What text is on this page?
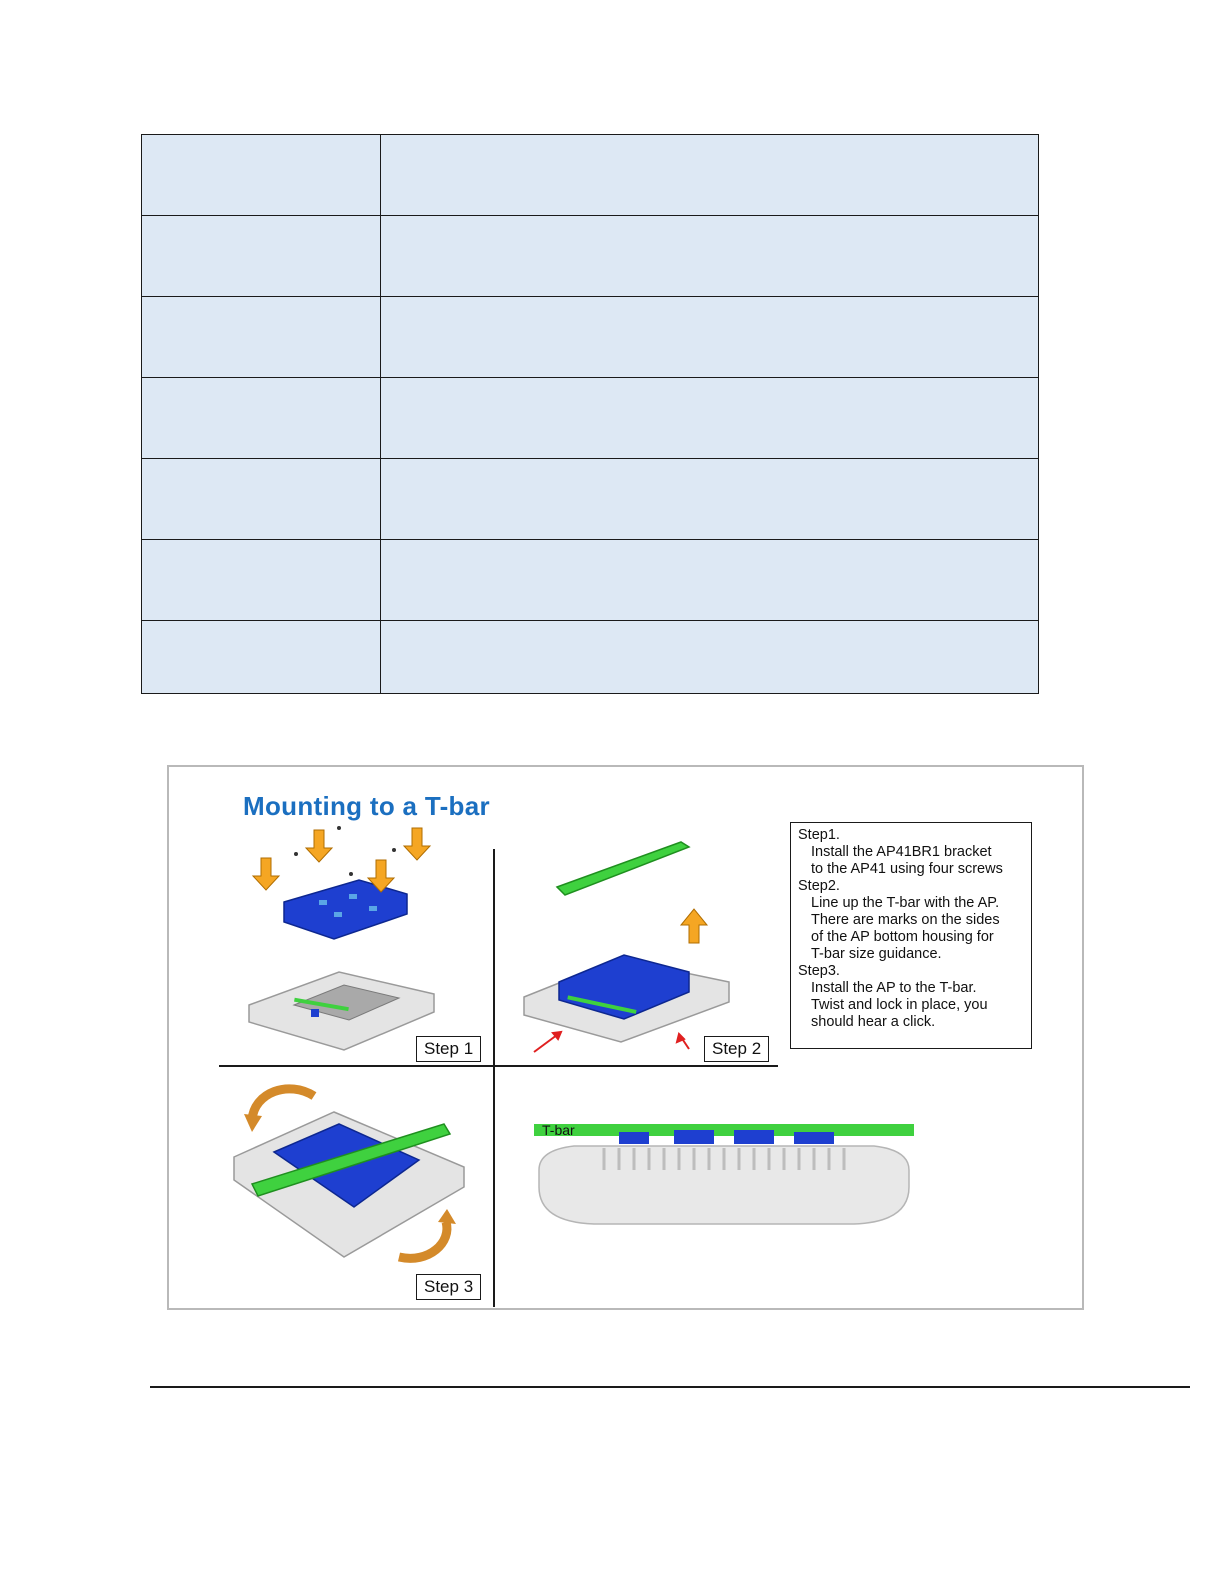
Mounting to a T-bar
Step 1	Step 2

Step1.

Install the AP41BR1 bracket

to the AP41 using four screws

Step2.

Line up the T-bar with the AP.

There are marks on the sides

of the AP bottom housing for

T-bar size guidance.

Step3.

Install the AP to the T-bar.

Twist and lock in place, you

should hear a click.

Step 3
T-bar
